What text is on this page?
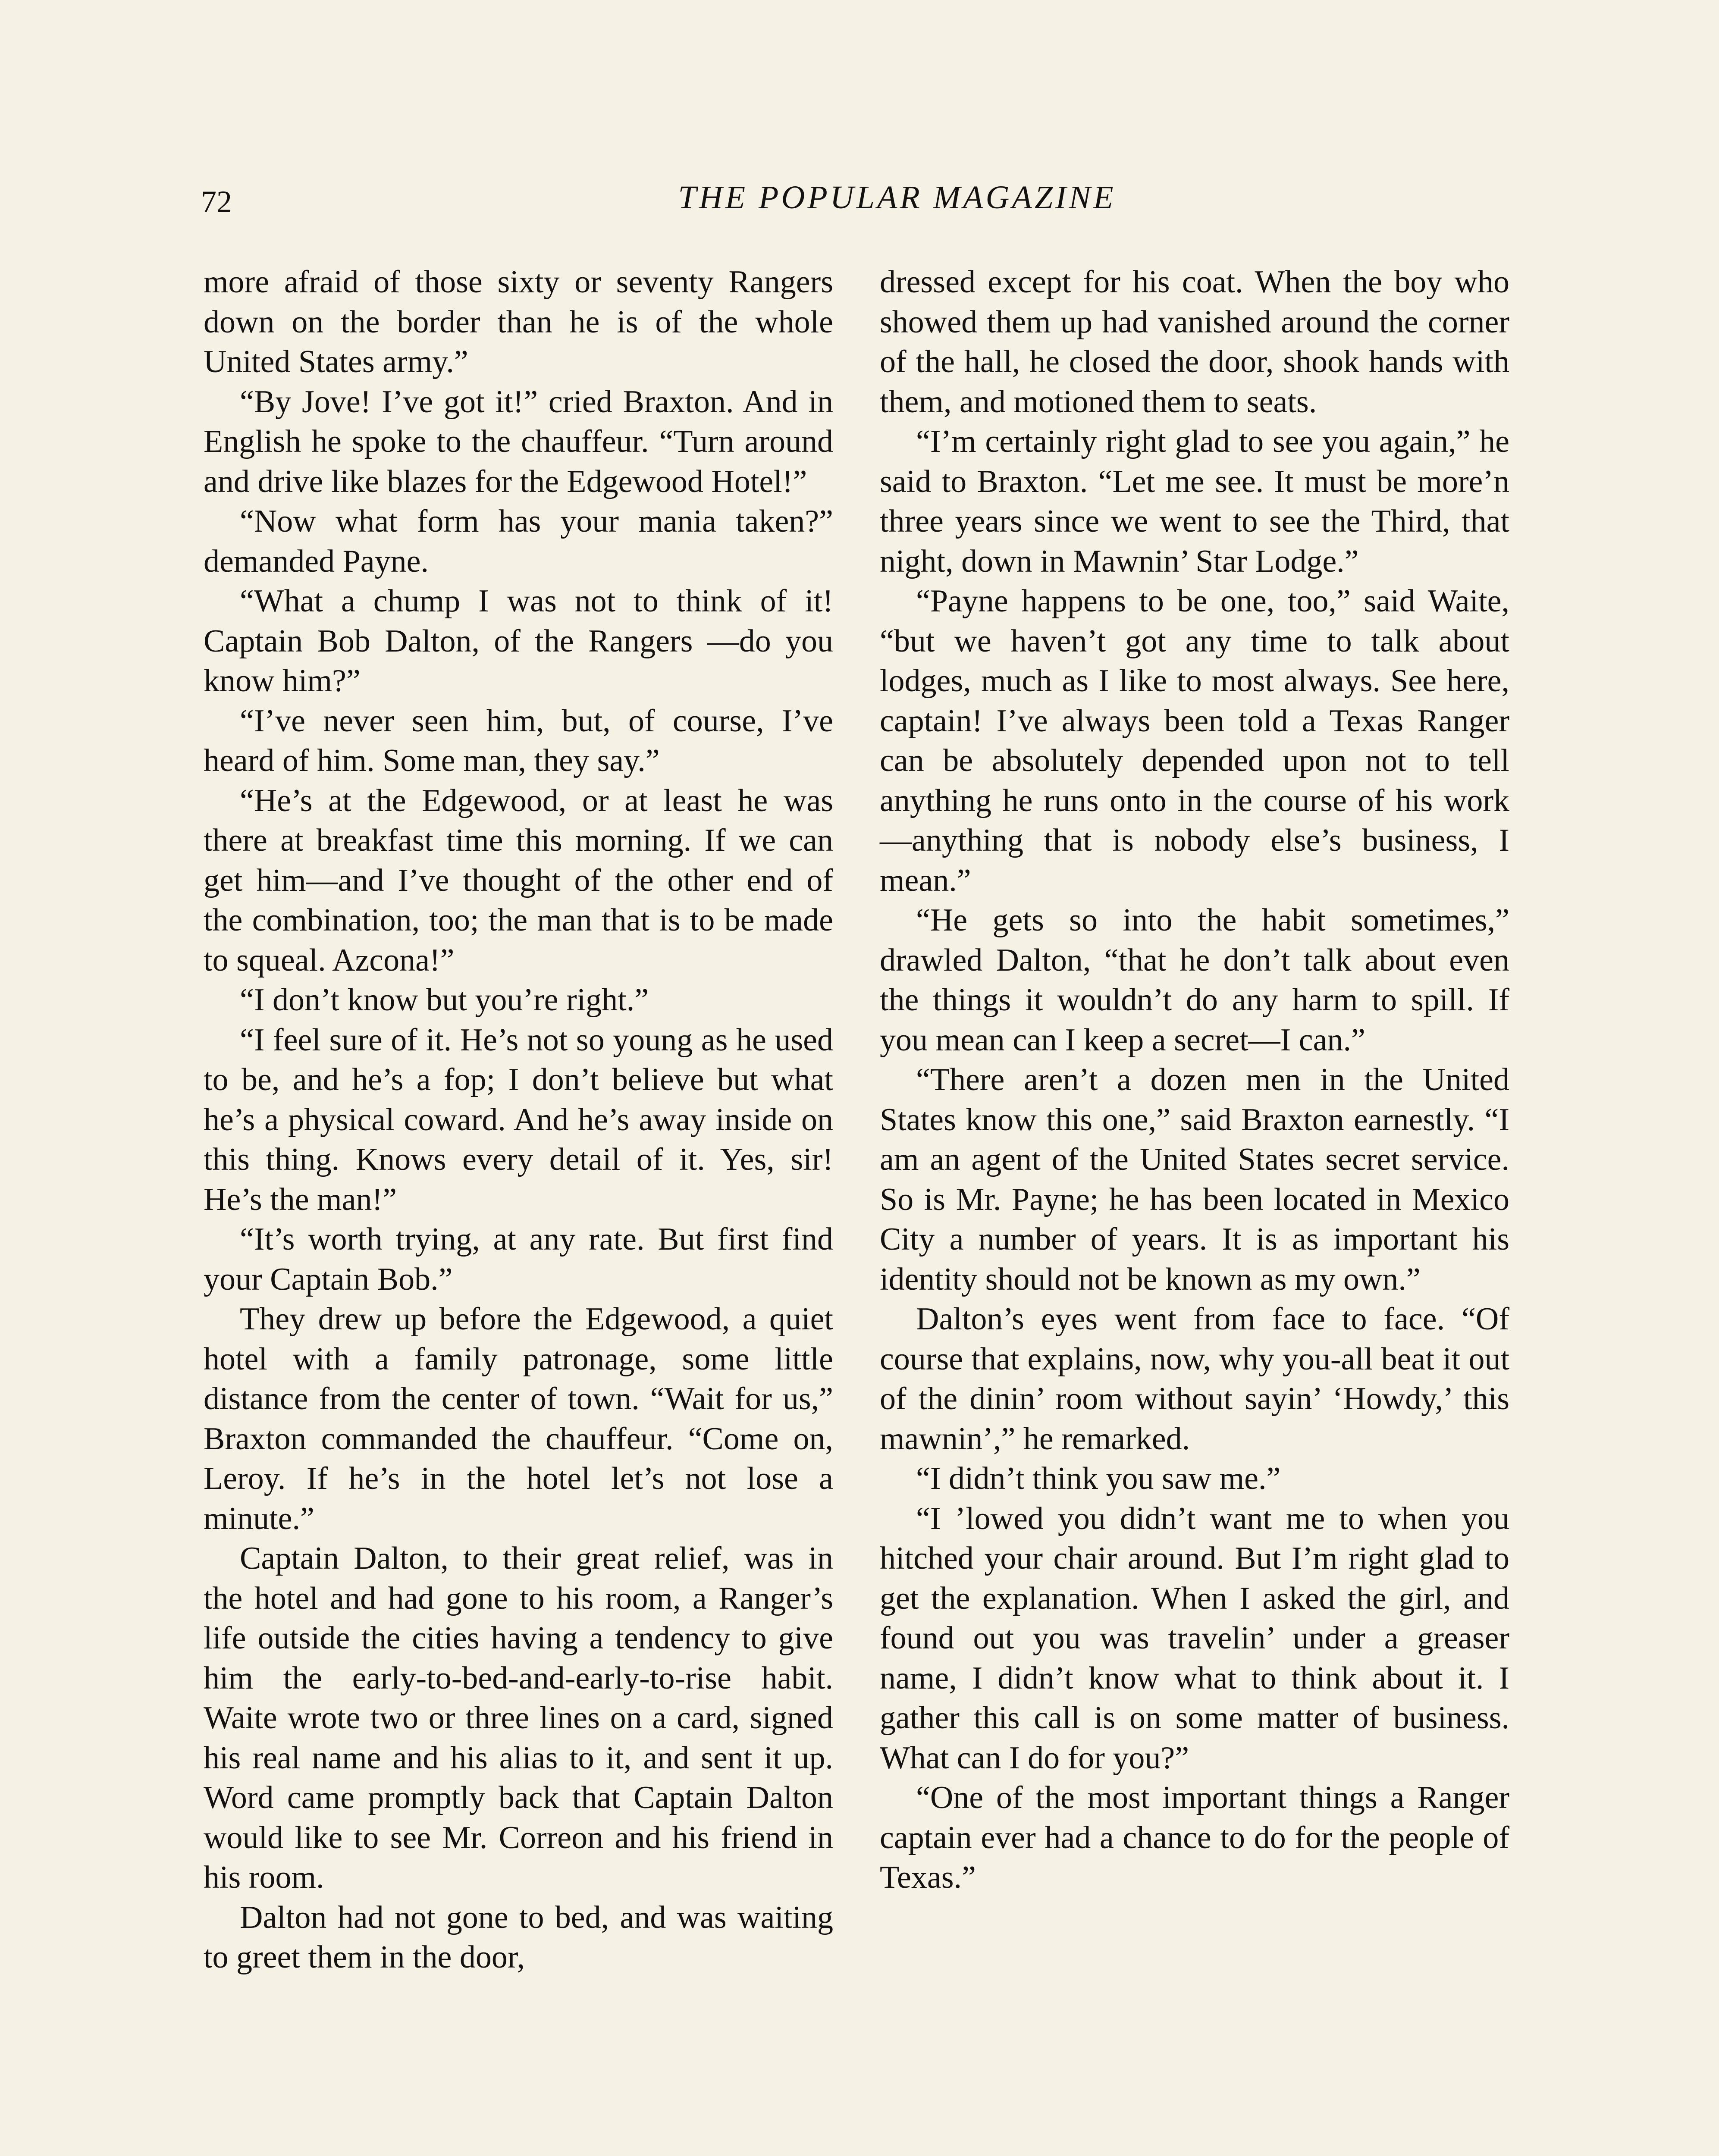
72	THE POPULAR MAGAZINE

more afraid of those sixty or seventy Rangers down on the border than he is of the whole United States army.”

“By Jove! I’ve got it!” cried Braxton. And in English he spoke to the chauffeur. “Turn around and drive like blazes for the Edgewood Hotel!”

“Now what form has your mania taken?” demanded Payne.

“What a chump I was not to think of it! Captain Bob Dalton, of the Rangers —do you know him?”

“I’ve never seen him, but, of course, I’ve heard of him. Some man, they say.”

“He’s at the Edgewood, or at least he was there at breakfast time this morning. If we can get him—and I’ve thought of the other end of the combination, too; the man that is to be made to squeal. Azcona!”

“I don’t know but you’re right.”

“I feel sure of it. He’s not so young as he used to be, and he’s a fop; I don’t believe but what he’s a physical coward. And he’s away inside on this thing. Knows every detail of it. Yes, sir! He’s the man!”

“It’s worth trying, at any rate. But first find your Captain Bob.”

They drew up before the Edgewood, a quiet hotel with a family patronage, some little distance from the center of town. “Wait for us,” Braxton commanded the chauffeur. “Come on, Leroy. If he’s in the hotel let’s not lose a minute.”

Captain Dalton, to their great relief, was in the hotel and had gone to his room, a Ranger’s life outside the cities having a tendency to give him the early-to-bed-and-early-to-rise habit. Waite wrote two or three lines on a card, signed his real name and his alias to it, and sent it up. Word came promptly back that Captain Dalton would like to see Mr. Correon and his friend in his room.

Dalton had not gone to bed, and was waiting to greet them in the door,

dressed except for his coat. When the boy who showed them up had vanished around the corner of the hall, he closed the door, shook hands with them, and motioned them to seats.

“I’m certainly right glad to see you again,” he said to Braxton. “Let me see. It must be more’n three years since we went to see the Third, that night, down in Mawnin’ Star Lodge.”

“Payne happens to be one, too,” said Waite, “but we haven’t got any time to talk about lodges, much as I like to most always. See here, captain! I’ve always been told a Texas Ranger can be absolutely depended upon not to tell anything he runs onto in the course of his work—anything that is nobody else’s business, I mean.”

“He gets so into the habit sometimes,” drawled Dalton, “that he don’t talk about even the things it wouldn’t do any harm to spill. If you mean can I keep a secret—I can.”

“There aren’t a dozen men in the United States know this one,” said Braxton earnestly. “I am an agent of the United States secret service. So is Mr. Payne; he has been located in Mexico City a number of years. It is as important his identity should not be known as my own.”

Dalton’s eyes went from face to face. “Of course that explains, now, why you-all beat it out of the dinin’ room without sayin’ ‘Howdy,’ this mawnin’,” he remarked.

“I didn’t think you saw me.”

“I ’lowed you didn’t want me to when you hitched your chair around. But I’m right glad to get the explanation. When I asked the girl, and found out you was travelin’ under a greaser name, I didn’t know what to think about it. I gather this call is on some matter of business. What can I do for you?”

“One of the most important things a Ranger captain ever had a chance to do for the people of Texas.”
